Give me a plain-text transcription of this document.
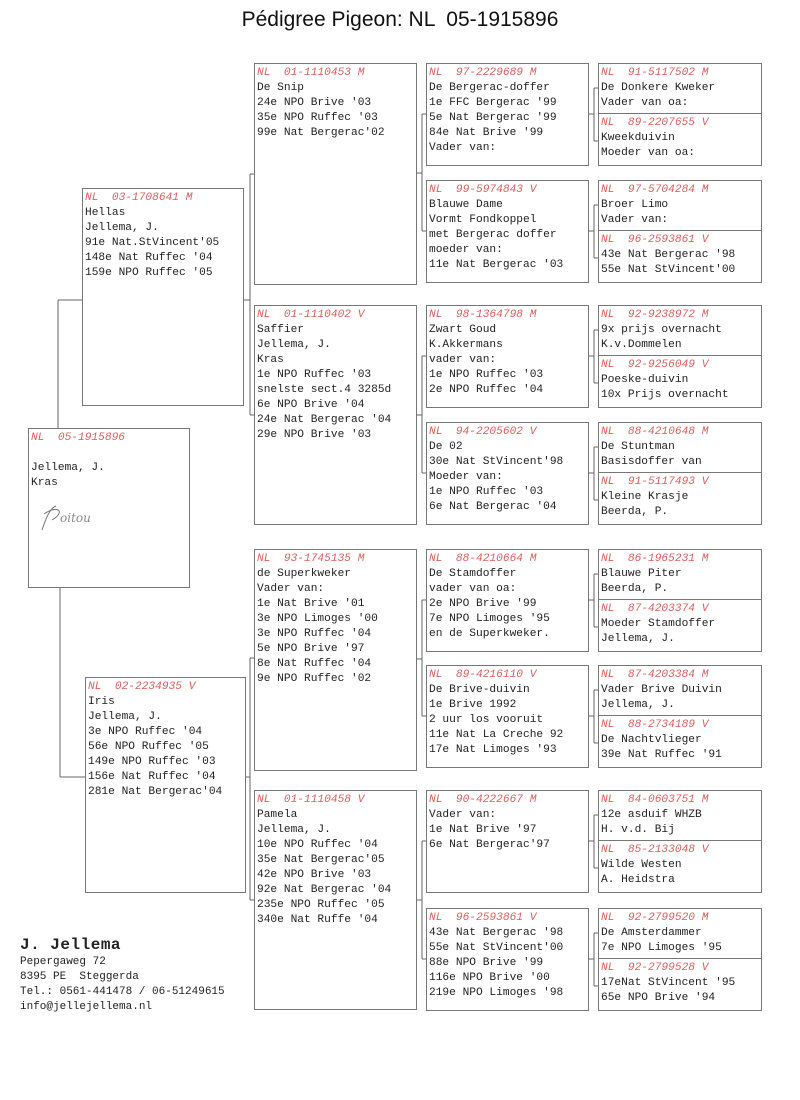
Pédigree Pigeon: NL  05-1915896
NL  05-1915896

Jellema, J.
Kras
NL  03-1708641 M
Hellas
Jellema, J.
91e Nat.StVincent'05
148e Nat Ruffec '04
159e NPO Ruffec '05
NL  02-2234935 V
Iris
Jellema, J.
3e NPO Ruffec '04
56e NPO Ruffec '05
149e NPO Ruffec '03
156e Nat Ruffec '04
281e Nat Bergerac'04
NL  01-1110453 M
De Snip
24e NPO Brive '03
35e NPO Ruffec '03
99e Nat Bergerac'02
NL  01-1110402 V
Saffier
Jellema, J.
Kras
1e NPO Ruffec '03
snelste sect.4 3285d
6e NPO Brive '04
24e Nat Bergerac '04
29e NPO Brive '03
NL  93-1745135 M
de Superkweker
Vader van:
1e Nat Brive '01
3e NPO Limoges '00
3e NPO Ruffec '04
5e NPO Brive '97
8e Nat Ruffec '04
9e NPO Ruffec '02
NL  01-1110458 V
Pamela
Jellema, J.
10e NPO Ruffec '04
35e Nat Bergerac'05
42e NPO Brive '03
92e Nat Bergerac '04
235e NPO Ruffec '05
340e Nat Ruffe '04
NL  97-2229689 M
De Bergerac-doffer
1e FFC Bergerac '99
5e Nat Bergerac '99
84e Nat Brive '99
Vader van:
NL  99-5974843 V
Blauwe Dame
Vormt Fondkoppel
met Bergerac doffer
moeder van:
11e Nat Bergerac '03
NL  98-1364798 M
Zwart Goud
K.Akkermans
vader van:
1e NPO Ruffec '03
2e NPO Ruffec '04
NL  94-2205602 V
De 02
30e Nat StVincent'98
Moeder van:
1e NPO Ruffec '03
6e Nat Bergerac '04
NL  88-4210664 M
De Stamdoffer
vader van oa:
2e NPO Brive '99
7e NPO Limoges '95
en de Superkweker.
NL  89-4216110 V
De Brive-duivin
1e Brive 1992
2 uur los vooruit
11e Nat La Creche 92
17e Nat Limoges '93
NL  90-4222667 M
Vader van:
1e Nat Brive '97
6e Nat Bergerac'97
NL  96-2593861 V
43e Nat Bergerac '98
55e Nat StVincent'00
88e NPO Brive '99
116e NPO Brive '00
219e NPO Limoges '98
NL  91-5117502 M
De Donkere Kweker
Vader van oa:
NL  89-2207655 V
Kweekduivin
Moeder van oa:
NL  97-5704284 M
Broer Limo
Vader van:
NL  96-2593861 V
43e Nat Bergerac '98
55e Nat StVincent'00
NL  92-9238972 M
9x prijs overnacht
K.v.Dommelen
NL  92-9256049 V
Poeske-duivin
10x Prijs overnacht
NL  88-4210648 M
De Stuntman
Basisdoffer van
NL  91-5117493 V
Kleine Krasje
Beerda, P.
NL  86-1965231 M
Blauwe Piter
Beerda, P.
NL  87-4203374 V
Moeder Stamdoffer
Jellema, J.
NL  87-4203384 M
Vader Brive Duivin
Jellema, J.
NL  88-2734189 V
De Nachtvlieger
39e Nat Ruffec '91
NL  84-0603751 M
12e asduif WHZB
H. v.d. Bij
NL  85-2133048 V
Wilde Westen
A. Heidstra
NL  92-2799520 M
De Amsterdammer
7e NPO Limoges '95
NL  92-2799528 V
17eNat StVincent '95
65e NPO Brive '94
oitou
J. Jellema
Pepergaweg 72
8395 PE  Steggerda
Tel.: 0561-441478 / 06-51249615
info@jellejellema.nl
